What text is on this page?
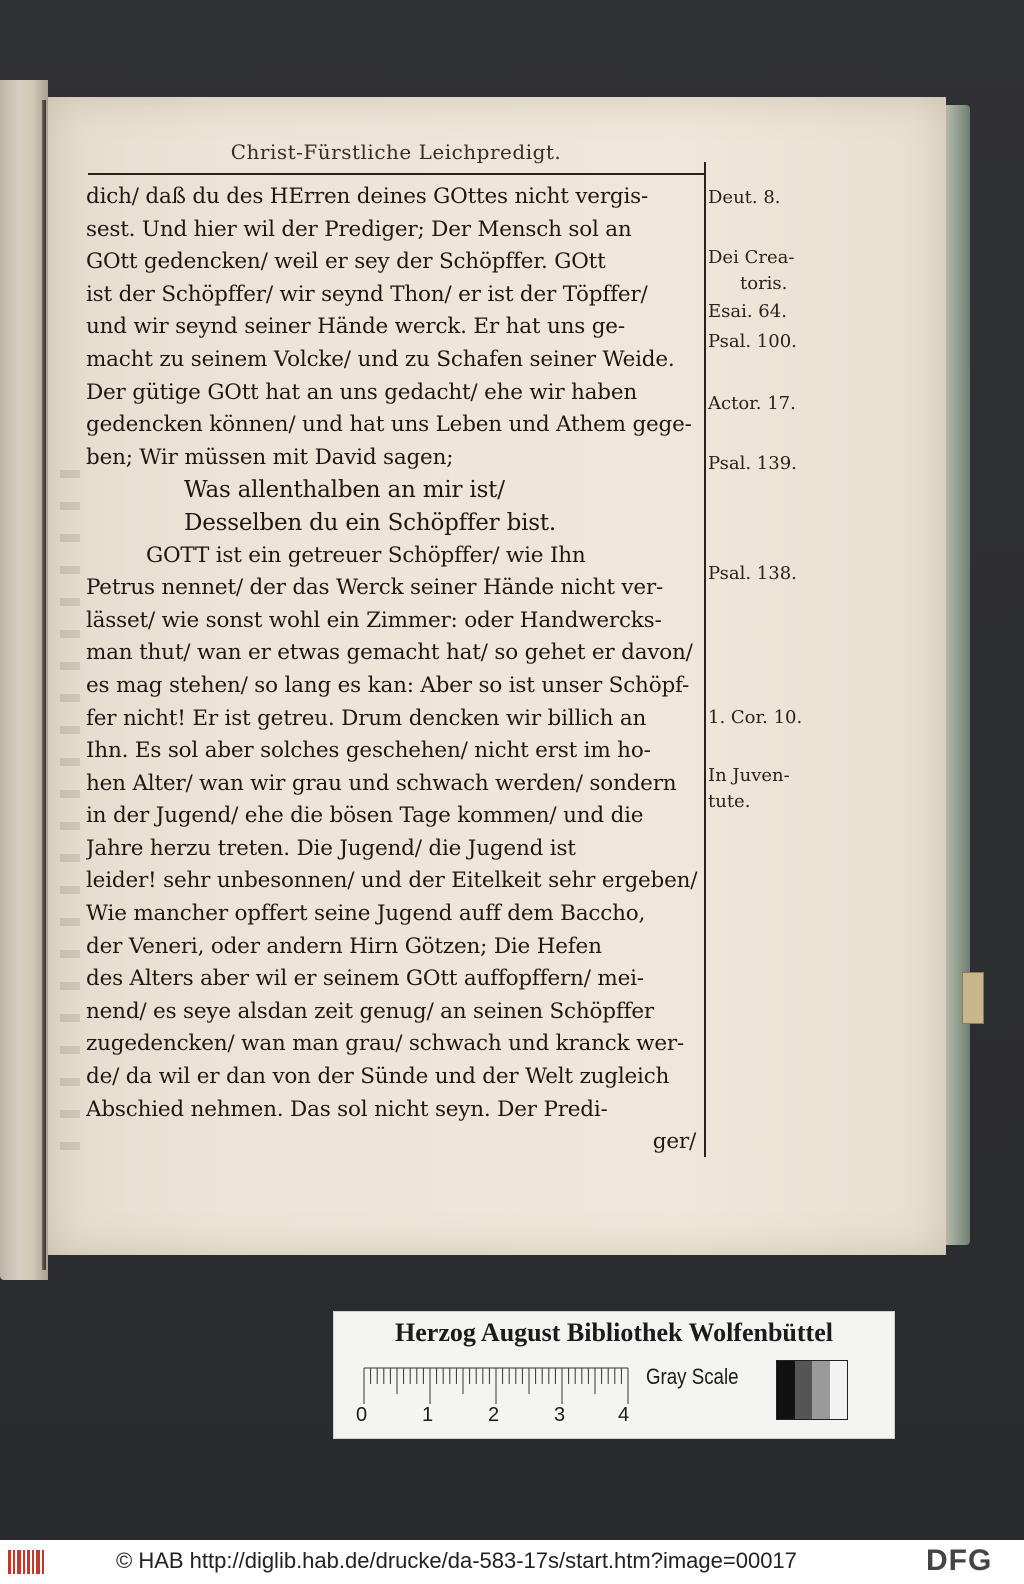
Christ-Fürstliche Leichpredigt.
dich/ daß du des HErren deines GOttes nicht vergis-
sest. Und hier wil der Prediger; Der Mensch sol an
GOtt gedencken/ weil er sey der Schöpffer. GOtt
ist der Schöpffer/ wir seynd Thon/ er ist der Töpffer/
und wir seynd seiner Hände werck. Er hat uns ge-
macht zu seinem Volcke/ und zu Schafen seiner Weide.
Der gütige GOtt hat an uns gedacht/ ehe wir haben
gedencken können/ und hat uns Leben und Athem gege-
ben; Wir müssen mit David sagen;
Was allenthalben an mir ist/
Desselben du ein Schöpffer bist.
GOTT ist ein getreuer Schöpffer/ wie Ihn
Petrus nennet/ der das Werck seiner Hände nicht ver-
lässet/ wie sonst wohl ein Zimmer: oder Handwercks-
man thut/ wan er etwas gemacht hat/ so gehet er davon/
es mag stehen/ so lang es kan: Aber so ist unser Schöpf-
fer nicht! Er ist getreu. Drum dencken wir billich an
Ihn. Es sol aber solches geschehen/ nicht erst im ho-
hen Alter/ wan wir grau und schwach werden/ sondern
in der Jugend/ ehe die bösen Tage kommen/ und die
Jahre herzu treten. Die Jugend/ die Jugend ist
leider! sehr unbesonnen/ und der Eitelkeit sehr ergeben/
Wie mancher opffert seine Jugend auff dem Baccho,
der Veneri, oder andern Hirn Götzen; Die Hefen
des Alters aber wil er seinem GOtt auffopffern/ mei-
nend/ es seye alsdan zeit genug/ an seinen Schöpffer
zugedencken/ wan man grau/ schwach und kranck wer-
de/ da wil er dan von der Sünde und der Welt zugleich
Abschied nehmen. Das sol nicht seyn. Der Predi-
ger/
Deut. 8.
Dei Crea-
toris.
Esai. 64.
Psal. 100.
Actor. 17.
Psal. 139.
Psal. 138.
1. Cor. 10.
In Juven-
tute.
Herzog August Bibliothek Wolfenbüttel
0	1	2	3	4
Gray Scale
© HAB http://diglib.hab.de/drucke/da-583-17s/start.htm?image=00017	DFG
